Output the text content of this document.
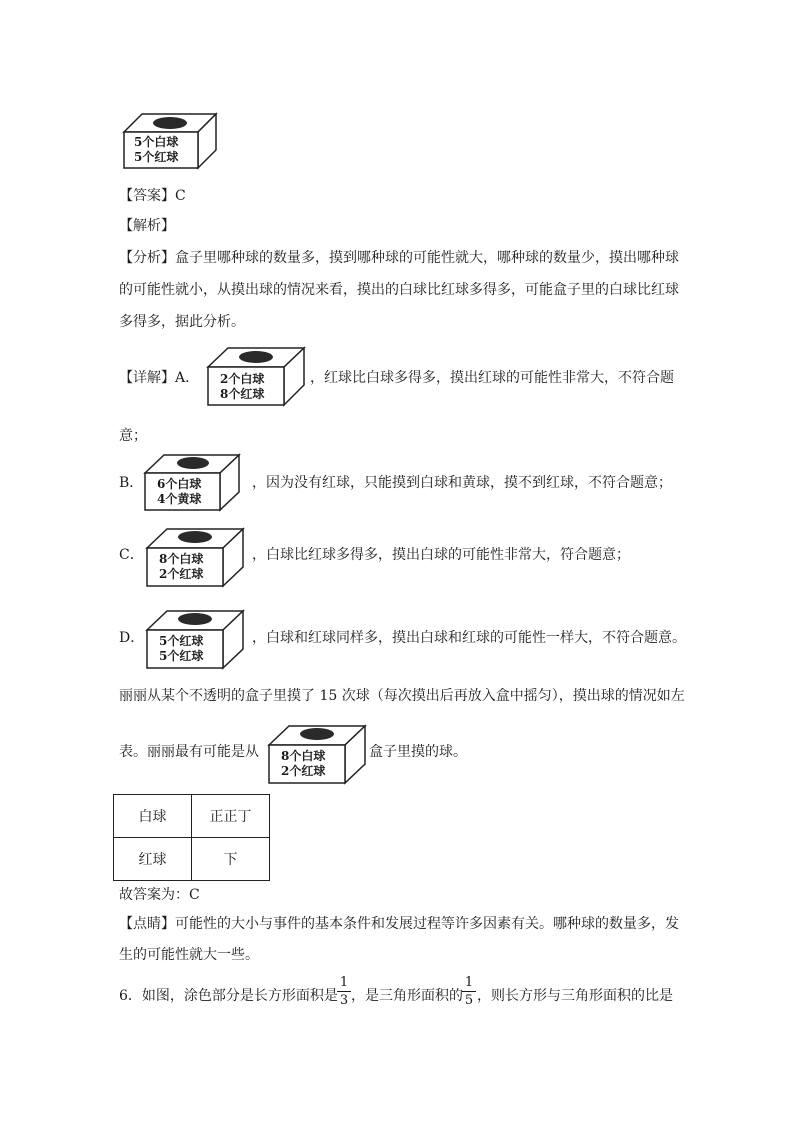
5个白球
5个红球
【答案】C
【解析】
【分析】盒子里哪种球的数量多，摸到哪种球的可能性就大，哪种球的数量少，摸出哪种球
的可能性就小，从摸出球的情况来看，摸出的白球比红球多得多，可能盒子里的白球比红球
多得多，据此分析。
【详解】A． 2个白球
8个红球
，红球比白球多得多，摸出红球的可能性非常大，不符合题
意；
B． 6个白球
4个黄球
，因为没有红球，只能摸到白球和黄球，摸不到红球，不符合题意；
C． 8个白球
2个红球
，白球比红球多得多，摸出白球的可能性非常大，符合题意；
D． 5个红球
5个红球
，白球和红球同样多，摸出白球和红球的可能性一样大，不符合题意。
丽丽从某个不透明的盒子里摸了 15 次球（每次摸出后再放入盒中摇匀），摸出球的情况如左
表。丽丽最有可能是从 8个白球
2个红球
盒子里摸的球。
白球	正正丁
红球	下
故答案为：C
【点睛】可能性的大小与事件的基本条件和发展过程等许多因素有关。哪种球的数量多，发
生的可能性就大一些。
6．如图，涂色部分是长方形面积是
1
3 ，是三角形面积的
1
5 ，则长方形与三角形面积的比是
